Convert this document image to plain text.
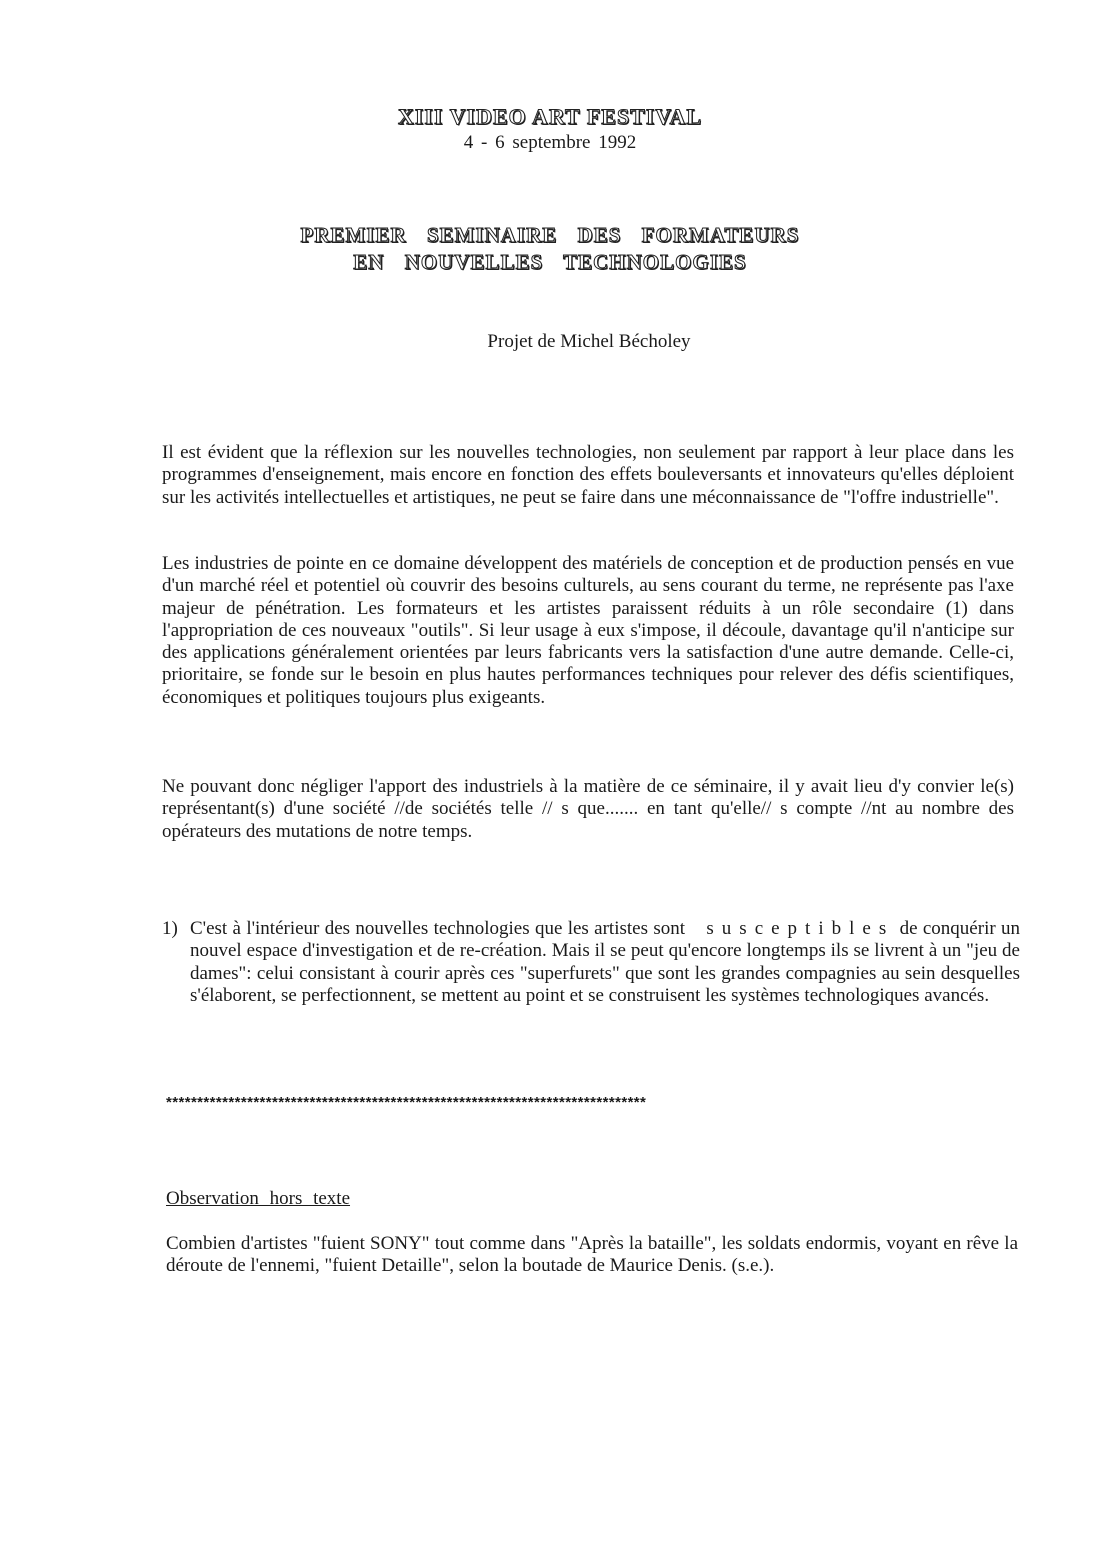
XIII VIDEO ART FESTIVAL
4 - 6 septembre 1992
PREMIER SEMINAIRE DES FORMATEURS
EN NOUVELLES TECHNOLOGIES
Projet de Michel Bécholey

Il est évident que la réflexion sur les nouvelles technologies, non seulement par rapport à leur place dans les programmes d'enseignement, mais encore en fonction des effets bouleversants et innovateurs qu'elles déploient sur les activités intellectuelles et artistiques, ne peut se faire dans une méconnaissance de "l'offre industrielle".

Les industries de pointe en ce domaine développent des matériels de conception et de production pensés en vue d'un marché réel et potentiel où couvrir des besoins culturels, au sens courant du terme, ne représente pas l'axe majeur de pénétration. Les formateurs et les artistes paraissent réduits à un rôle secondaire (1) dans l'appropriation de ces nouveaux "outils". Si leur usage à eux s'impose, il découle, davantage qu'il n'anticipe sur des applications généralement orientées par leurs fabricants vers la satisfaction d'une autre demande. Celle-ci, prioritaire, se fonde sur le besoin en plus hautes performances techniques pour relever des défis scientifiques, économiques et politiques toujours plus exigeants.

Ne pouvant donc négliger l'apport des industriels à la matière de ce séminaire, il y avait lieu d'y convier le(s) représentant(s) d'une société //de sociétés telle // s que....... en tant qu'elle// s compte //nt au nombre des opérateurs des mutations de notre temps.

1) C'est à l'intérieur des nouvelles technologies que les artistes sont susceptibles de conquérir un nouvel espace d'investigation et de re-création. Mais il se peut qu'encore longtemps ils se livrent à un "jeu de dames": celui consistant à courir après ces "superfurets" que sont les grandes compagnies au sein desquelles s'élaborent, se perfectionnent, se mettent au point et se construisent les systèmes technologiques avancés.
*****************************************************************************
Observation hors texte

Combien d'artistes "fuient SONY" tout comme dans "Après la bataille", les soldats endormis, voyant en rêve la déroute de l'ennemi, "fuient Detaille", selon la boutade de Maurice Denis. (s.e.).
